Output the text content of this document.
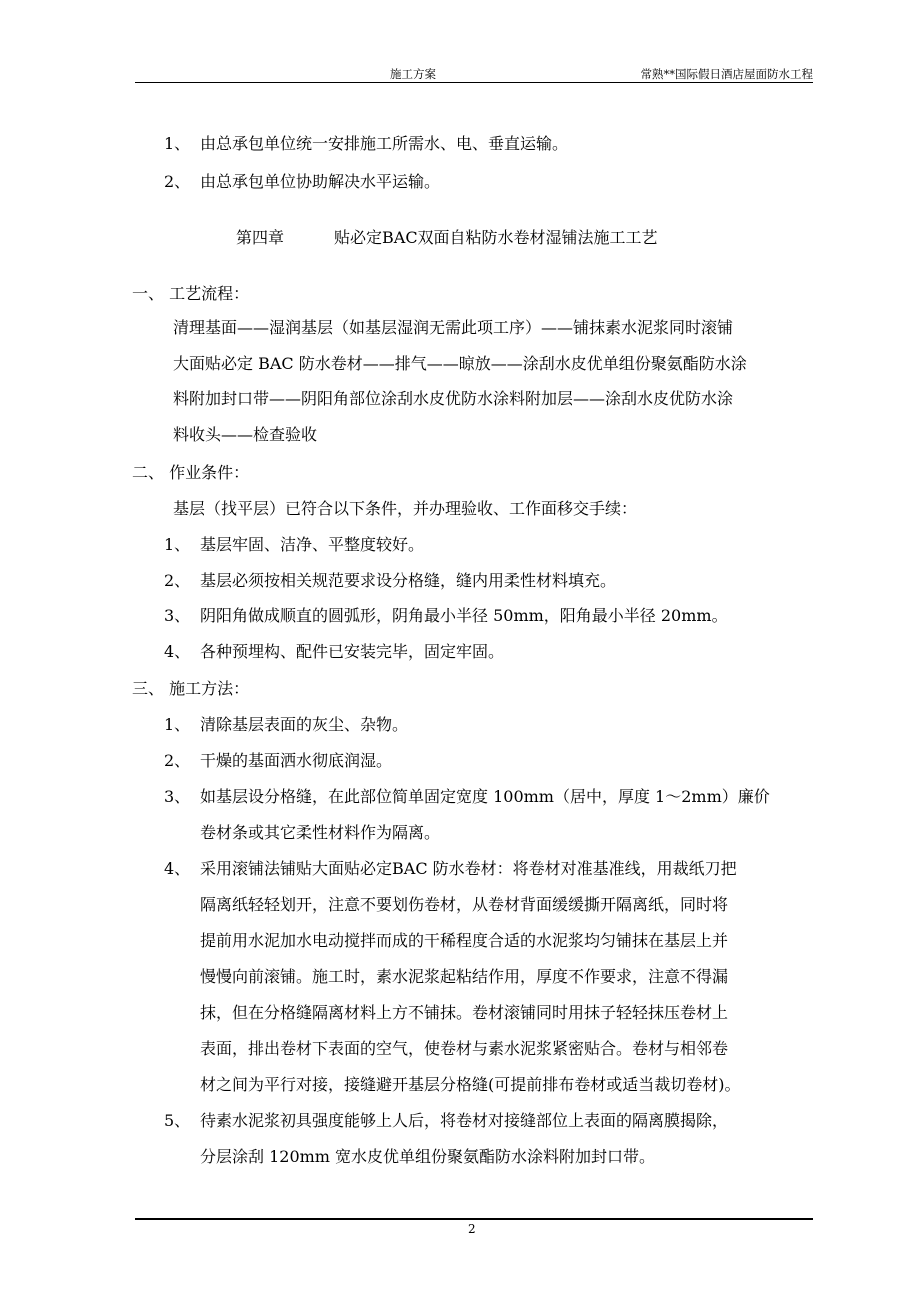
施工方案	常熟**国际假日酒店屋面防水工程
1、 由总承包单位统一安排施工所需水、电、垂直运输。
2、 由总承包单位协助解决水平运输。
第四章	贴必定BAC双面自粘防水卷材湿铺法施工工艺
一、 工艺流程：
清理基面——湿润基层（如基层湿润无需此项工序）——铺抹素水泥浆同时滚铺
大面贴必定 BAC 防水卷材——排气——晾放——涂刮水皮优单组份聚氨酯防水涂
料附加封口带——阴阳角部位涂刮水皮优防水涂料附加层——涂刮水皮优防水涂
料收头——检查验收
二、 作业条件：
基层（找平层）已符合以下条件，并办理验收、工作面移交手续：
1、 基层牢固、洁净、平整度较好。
2、 基层必须按相关规范要求设分格缝，缝内用柔性材料填充。
3、 阴阳角做成顺直的圆弧形，阴角最小半径 50mm，阳角最小半径 20mm。
4、 各种预埋构、配件已安装完毕，固定牢固。
三、 施工方法：
1、 清除基层表面的灰尘、杂物。
2、 干燥的基面洒水彻底润湿。
3、 如基层设分格缝，在此部位简单固定宽度 100mm（居中，厚度 1～2mm）廉价
卷材条或其它柔性材料作为隔离。
4、 采用滚铺法铺贴大面贴必定BAC 防水卷材：将卷材对准基准线，用裁纸刀把
隔离纸轻轻划开，注意不要划伤卷材，从卷材背面缓缓撕开隔离纸，同时将
提前用水泥加水电动搅拌而成的干稀程度合适的水泥浆均匀铺抹在基层上并
慢慢向前滚铺。施工时，素水泥浆起粘结作用，厚度不作要求，注意不得漏
抹，但在分格缝隔离材料上方不铺抹。卷材滚铺同时用抹子轻轻抹压卷材上
表面，排出卷材下表面的空气，使卷材与素水泥浆紧密贴合。卷材与相邻卷
材之间为平行对接，接缝避开基层分格缝(可提前排布卷材或适当裁切卷材)。
5、 待素水泥浆初具强度能够上人后，将卷材对接缝部位上表面的隔离膜揭除，
分层涂刮 120mm 宽水皮优单组份聚氨酯防水涂料附加封口带。
2
